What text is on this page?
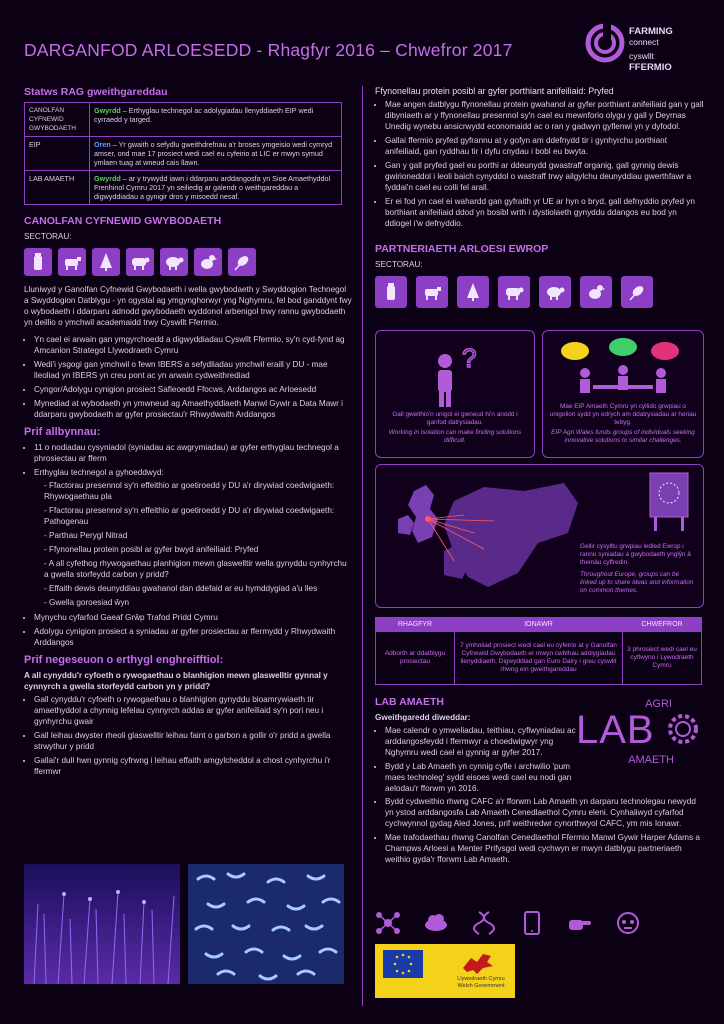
DARGANFOD ARLOESEDD - Rhagfyr 2016 – Chwefror 2017
FARMING
connect
cyswllt
FFERMIO
Statws RAG gweithgareddau
CANOLFAN CYFNEWID GWYBODAETH	Gwyrdd – Erthyglau technegol ac adolygiadau llenyddiaeth EIP wedi cyrraedd y targed.
EIP	Oren – Yr gwaith o sefydlu gweithdrefnau a'r broses ymgeisio wedi cymryd amser, ond mae 17 prosiect wedi cael eu cyfeirio at LIC er mwyn symud ymlaen tuag at wneud cais llawn.
LAB AMAETH	Gwyrdd – ar y trywydd iawn i ddarparu arddangosfa yn Sioe Amaethyddol Frenhinol Cymru 2017 yn seiliedig ar galendr o weithgareddau a digwyddiadau a gynigir dros y misoedd nesaf.
CANOLFAN CYFNEWID GWYBODAETH
SECTORAU:
Lluniwyd y Ganolfan Cyfnewid Gwybodaeth i wella gwybodaeth y Swyddogion Technegol a Swyddogion Datblygu - yn ogystal ag ymgynghorwyr yng Nghymru, fel bod ganddynt fwy o wybodaeth i ddarparu adnodd gwybodaeth wyddonol arbenigol trwy rannu gwybodaeth yn deillio o ymchwil academaidd trwy Cyswllt Ffermio.
• Yn cael ei arwain gan ymgyrchoedd a digwyddiadau Cyswllt Ffermio, sy'n cyd-fynd ag Amcanion Strategol Llywodraeth Cymru
• Wedi'i ysgogi gan ymchwil o fewn IBERS a sefydliadau ymchwil eraill y DU - mae lleoliad yn IBERS yn creu pont ac yn arwain cydweithrediad
• Cyngor/Adolygu cynigion prosiect Safleoedd Ffocws, Arddangos ac Arloesedd
• Mynediad at wybodaeth yn ymwneud ag Amaethyddiaeth Manwl Gywir a Data Mawr i ddarparu gwybodaeth ar gyfer prosiectau'r Rhwydwaith Arddangos
Prif allbynnau:
• 11 o nodiadau cysyniadol (syniadau ac awgrymiadau) ar gyfer erthyglau technegol a phrosiectau ar fferm
• Erthyglau technegol a gyhoeddwyd:
- Ffactorau presennol sy'n effeithio ar goetiroedd y DU a'r dirywiad coedwigaeth: Rhywogaethau pla
- Ffactorau presennol sy'n effeithio ar goetiroedd y DU a'r dirywiad coedwigaeth: Pathogenau
- Parthau Perygl Nitrad
- Ffynonellau protein posibl ar gyfer bwyd anifeiliaid: Pryfed
- A all cyfethog rhywogaethau planhigion mewn glaswelltir wella gynyddu cynhyrchu a gwella storfeydd carbon y pridd?
- Effaith dewis deunyddiau gwahanol dan ddefaid ar eu hymddygiad a'u lles
- Gwella goroesiad ŵyn
• Mynychu cyfarfod Gaeaf Grŵp Trafod Pridd Cymru
• Adolygu cynigion prosiect a syniadau ar gyfer prosiectau ar ffermydd y Rhwydwaith Arddangos
Prif negeseuon o erthygl enghreifftiol:
A all cynyddu'r cyfoeth o rywogaethau o blanhigion mewn glaswelltir gynnal y cynnyrch a gwella storfeydd carbon yn y pridd?
• Gall cynyddu'r cyfoeth o rywogaethau o blanhigion gynyddu bioamrywiaeth tir amaethyddol a chynnig lefelau cynnyrch addas ar gyfer anifeiliaid sy'n pori neu i gynhyrchu gwair
• Gall leihau dwyster rheoli glaswelltir leihau faint o garbon a gollir o'r pridd a gwella strwythur y pridd
• Gallai'r dull hwn gynnig cyfrwng i leihau effaith amgylcheddol a chost cynhyrchu i'r ffermwr
Ffynonellau protein posibl ar gyfer porthiant anifeiliaid: Pryfed
• Mae angen datblygu ffynonellau protein gwahanol ar gyfer porthiant anifeiliaid gan y gall dibyniaeth ar y ffynonellau presennol sy'n cael eu mewnforio olygu y gall y Deyrnas Unedig wynebu ansicrwydd economaidd ac o ran y gadwyn gyflenwi yn y dyfodol.
• Gallai ffermio pryfed gyfrannu at y gofyn am ddefnydd tir i gynhyrchu porthiant anifeiliaid, gan ryddhau tir i dyfu cnydau i bobl eu bwyta.
• Gan y gall pryfed gael eu porthi ar ddeunydd gwastraff organig, gall gynnig dewis gwirioneddol i leoli baich cynyddol o wastraff trwy ailgylchu deunyddiau gwerthfawr a fyddai'n cael eu colli fel arall.
• Er ei fod yn cael ei wahardd gan gyfraith yr UE ar hyn o bryd, gall defnyddio pryfed yn borthiant anifeiliaid ddod yn bosibl wrth i dystiolaeth gynyddu ddangos eu bod yn ddiogel i'w defnyddio.
PARTNERIAETH ARLOESI EWROP
SECTORAU:
?
Gall gweithio'n unigol ei gwneud hi'n anodd i ganfod datrysiadau.
Working in isolation can make finding solutions difficult.
Mae EIP Amaeth Cymru yn cyllido grwpiau o unigolion sydd yn edrych am ddatrysiadau ar heriau tebyg.
EIP Agri Wales funds groups of individuals seeking innovative solutions to similar challenges.
Gellir cysylltu grwpiau ledled Ewrop i rannu syniadau a gwybodaeth ynglŷn â themâu cyffredin.
Throughout Europe, groups can be linked up to share ideas and information on common themes.
RHAGFYR	IONAWR	CHWEFROR
Adborth ar ddatblygu prosiectau	7 ymholiad prosiect wedi cael eu cyfeirio at y Ganolfan Cyfnewid Gwybodaeth er mwyn cwblhau adolygiadau llenyddiaeth. Digwyddiad gan Euro Dairy i greu cyswllt rhwng ein gweithgareddau	3 phrosiect wedi cael eu cyflwyno i Lywodraeth Cymru
LAB AMAETH
Gweithgaredd diweddar:
• Mae calendr o ymweliadau, teithiau, cyflwyniadau ac arddangosfeydd i ffermwyr a choedwigwyr yng Nghymru wedi cael ei gynnig ar gyfer 2017.
• Bydd y Lab Amaeth yn cynnig cyfle i archwilio 'pum maes technoleg' sydd eisoes wedi cael eu nodi gan aelodau'r fforwm yn 2016.
• Bydd cydweithio rhwng CAFC a'r fforwm Lab Amaeth yn darparu technolegau newydd yn ystod arddangosfa Lab Amaeth Cenedlaethol Cymru eleni. Cynhaliwyd cyfarfod cychwynnol gydag Aled Jones, prif weithredwr cynorthwyol CAFC, ym mis Ionawr.
• Mae trafodaethau rhwng Canolfan Cenedlaethol Ffermio Manwl Gywir Harper Adams a Champws Arloesi a Menter Prifysgol wedi cychwyn er mwyn datblygu partneriaeth weithio gyda'r fforwm Lab Amaeth.
AGRI
LAB
AMAETH
Llywodraeth Cymru Welsh Government
